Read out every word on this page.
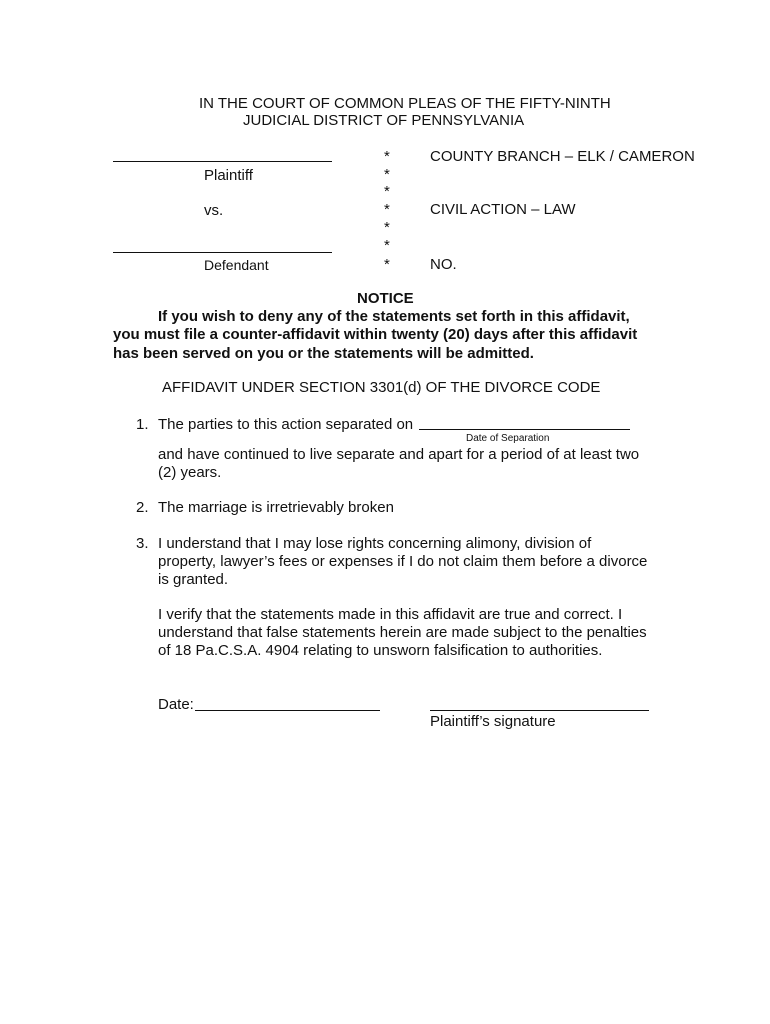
IN THE COURT OF COMMON PLEAS OF THE FIFTY-NINTH
JUDICIAL DISTRICT OF PENNSYLVANIA
Plaintiff
vs.
Defendant
*
*
*
*
*
*
*
COUNTY BRANCH – ELK / CAMERON
CIVIL ACTION – LAW
NO.
NOTICE
If you wish to deny any of the statements set forth in this affidavit,
you must file a counter-affidavit within twenty (20) days after this affidavit
has been served on you or the statements will be admitted.
AFFIDAVIT UNDER SECTION 3301(d) OF THE DIVORCE CODE
1. The parties to this action separated on
Date of Separation
and have continued to live separate and apart for a period of at least two
(2) years.
2. The marriage is irretrievably broken
3. I understand that I may lose rights concerning alimony, division of
property, lawyer’s fees or expenses if I do not claim them before a divorce
is granted.
I verify that the statements made in this affidavit are true and correct. I
understand that false statements herein are made subject to the penalties
of 18 Pa.C.S.A. 4904 relating to unsworn falsification to authorities.
Date:
Plaintiff’s signature
